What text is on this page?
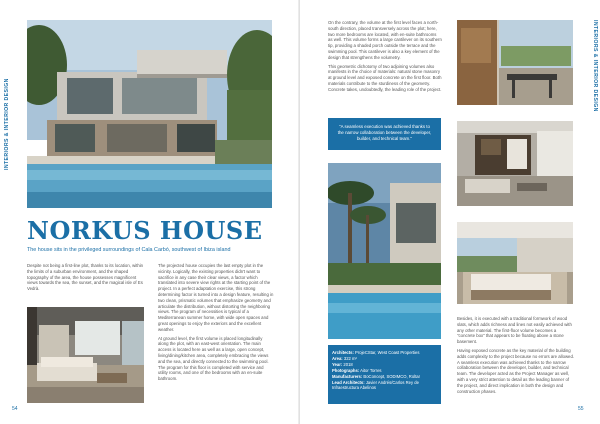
INTERIORS & INTERIOR DESIGN
NORKUS HOUSE
The house sits in the privileged surroundings of Cala Carbó, southwest of Ibiza island

Despite not being a first-line plot, thanks to its location, within the limits of a suburban environment, and the shaped topography of the area, the house possesses magnificent views towards the sea, the sunset, and the magical isle of Es Vedrà.

The projected house occupies the last empty plot in the vicinity. Logically, the existing properties didn't want to sacrifice in any case their clear views, a factor which translated into severe view rights at the starting point of the project. In a perfect adaptation exercise, this strong determining factor is turned into a design feature, resulting in two clean, prismatic volumes that emphasize geometry and articulate the distribution, without distorting the neighboring views. The program of necessities is typical of a Mediterranean summer home, with wide open spaces and great openings to enjoy the exteriors and the excellent weather.

At ground level, the first volume is placed longitudinally along the plot, with an east-west orientation. The main access is located here as well as a large, open concept, living/dining/kitchen area, completely embracing the views and the sea, and directly connected to the swimming pool. The program for this floor is completed with service and utility rooms, and one of the bedrooms with an en-suite bathroom.

54
INTERIORS & INTERIOR DESIGN

On the contrary, the volume at the first level faces a north-south direction, placed transversely across the plot; here, two more bedrooms are located, with en-suite bathrooms as well. This volume forms a large cantilever on its southern tip, providing a shaded porch outside the terrace and the swimming pool. This cantilever is also a key element of the design that strengthens the volumetry.

This geometric dichotomy of two adjoining volumes also manifests in the choice of materials: natural stone masonry at ground level and exposed concrete on the first floor. Both materials contribute to the sturdiness of the geometry. Concrete takes, undoubtedly, the leading role of the project.

"A seamless execution was achieved thanks to the narrow collaboration between the developer, builder, and technical team."
Architects: ProjeCStar, West Coast Properties
Area: 322 m²
Year: 2018
Photographs: Aitor Torres
Manufacturers: BoConcept, SODIMCO, Roltar
Lead Architects: Javier Andrés/Carlos Rey de Infraestructura Abelinos

Besides, it is executed with a traditional formwork of wood slats, which adds richness and lines not easily achieved with any other material. The first-floor volume becomes a "concrete box" that appears to be floating above a stone basement.

Having exposed concrete as the key material of the building adds complexity to the project because no errors are allowed. A seamless execution was achieved thanks to the narrow collaboration between the developer, builder, and technical team. The developer acted as the Project Manager as well, with a very strict attention to detail as the leading banner of the project, and direct implication in both the design and construction phases.

55
